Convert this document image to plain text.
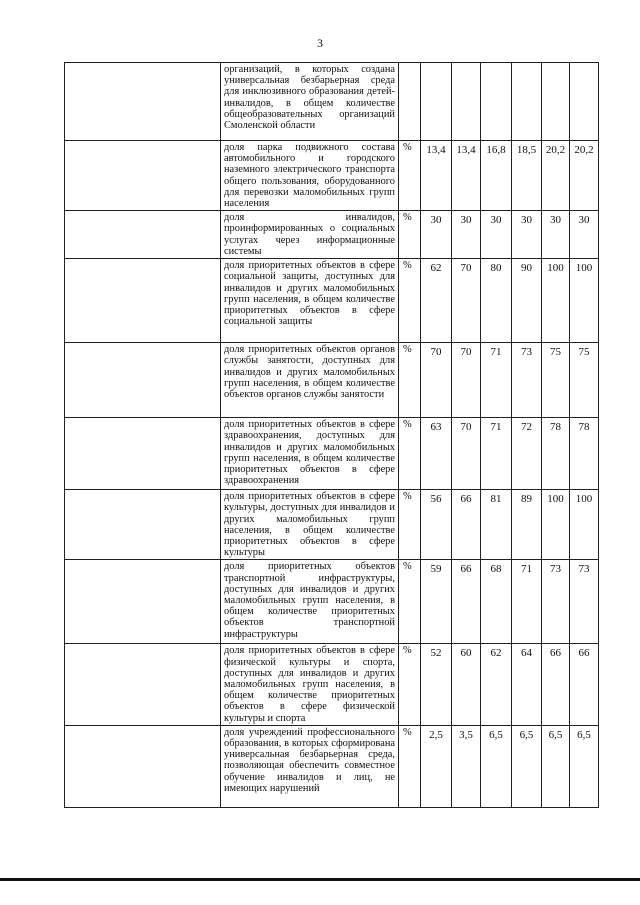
3
	организаций, в которых создана универсальная безбарьерная среда для инклюзивного образования детей-инвалидов, в общем количестве общеобразовательных организаций Смоленской области							
	доля парка подвижного состава автомобильного и городского наземного электрического транспорта общего пользования, оборудованного для перевозки маломобильных групп населения	%	13,4	13,4	16,8	18,5	20,2	20,2
	доля инвалидов, проинформированных о социальных услугах через информационные системы	%	30	30	30	30	30	30
	доля приоритетных объектов в сфере социальной защиты, доступных для инвалидов и других маломобильных групп населения, в общем количестве приоритетных объектов в сфере социальной защиты	%	62	70	80	90	100	100
	доля приоритетных объектов органов службы занятости, доступных для инвалидов и других маломобильных групп населения, в общем количестве объектов органов службы занятости	%	70	70	71	73	75	75
	доля приоритетных объектов в сфере здравоохранения, доступных для инвалидов и других маломобильных групп населения, в общем количестве приоритетных объектов в сфере здравоохранения	%	63	70	71	72	78	78
	доля приоритетных объектов в сфере культуры, доступных для инвалидов и других маломобильных групп населения, в общем количестве приоритетных объектов в сфере культуры	%	56	66	81	89	100	100
	доля приоритетных объектов транспортной инфраструктуры, доступных для инвалидов и других маломобильных групп населения, в общем количестве приоритетных объектов транспортной инфраструктуры	%	59	66	68	71	73	73
	доля приоритетных объектов в сфере физической культуры и спорта, доступных для инвалидов и других маломобильных групп населения, в общем количестве приоритетных объектов в сфере физической культуры и спорта	%	52	60	62	64	66	66
	доля учреждений профессионального образования, в которых сформирована универсальная безбарьерная среда, позволяющая обеспечить совместное обучение инвалидов и лиц, не имеющих нарушений	%	2,5	3,5	6,5	6,5	6,5	6,5
